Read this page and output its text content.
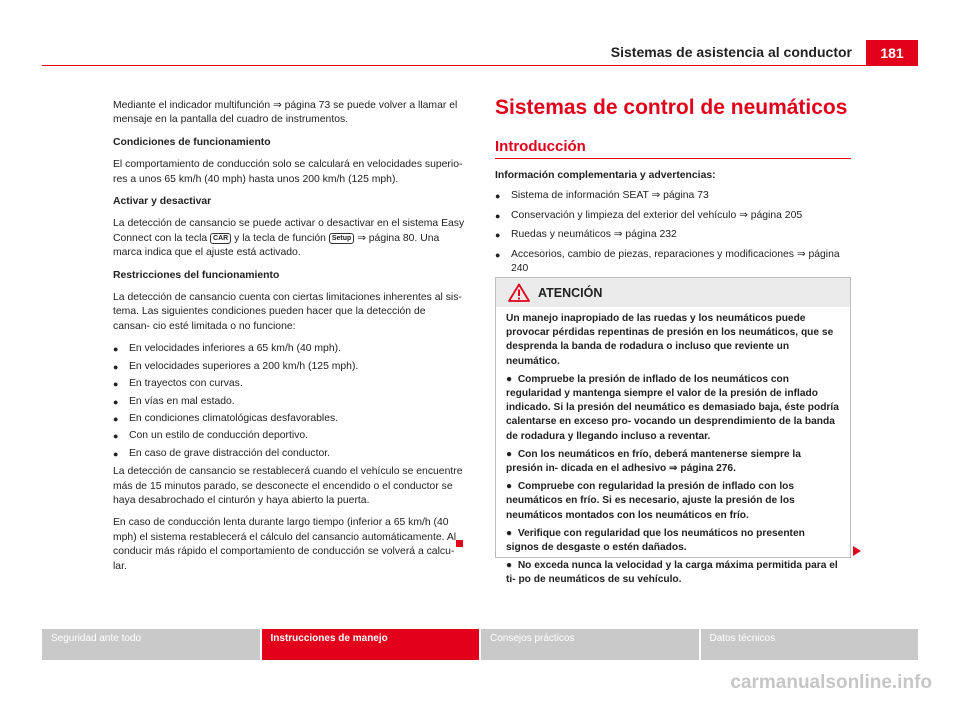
Sistemas de asistencia al conductor	181

Mediante el indicador multifunción ⇒ página 73 se puede volver a llamar el mensaje en la pantalla del cuadro de instrumentos.

Condiciones de funcionamiento

El comportamiento de conducción solo se calculará en velocidades superio- res a unos 65 km/h (40 mph) hasta unos 200 km/h (125 mph).

Activar y desactivar

La detección de cansancio se puede activar o desactivar en el sistema Easy Connect con la tecla CAR y la tecla de función Setup ⇒ página 80. Una marca indica que el ajuste está activado.

Restricciones del funcionamiento

La detección de cansancio cuenta con ciertas limitaciones inherentes al sis- tema. Las siguientes condiciones pueden hacer que la detección de cansan- cio esté limitada o no funcione:

●	En velocidades inferiores a 65 km/h (40 mph).
●	En velocidades superiores a 200 km/h (125 mph).
●	En trayectos con curvas.
●	En vías en mal estado.
●	En condiciones climatológicas desfavorables.
●	Con un estilo de conducción deportivo.
●	En caso de grave distracción del conductor.

La detección de cansancio se restablecerá cuando el vehículo se encuentre más de 15 minutos parado, se desconecte el encendido o el conductor se haya desabrochado el cinturón y haya abierto la puerta.

En caso de conducción lenta durante largo tiempo (inferior a 65 km/h (40 mph) el sistema restablecerá el cálculo del cansancio automáticamente. Al conducir más rápido el comportamiento de conducción se volverá a calcu- lar.

Sistemas de control de neumáticos
Introducción

Información complementaria y advertencias:

●	Sistema de información SEAT ⇒ página 73
●	Conservación y limpieza del exterior del vehículo ⇒ página 205
●	Ruedas y neumáticos ⇒ página 232
●	Accesorios, cambio de piezas, reparaciones y modificaciones ⇒ página 240
ATENCIÓN

Un manejo inapropiado de las ruedas y los neumáticos puede provocar pérdidas repentinas de presión en los neumáticos, que se desprenda la banda de rodadura o incluso que reviente un neumático.

●  Compruebe la presión de inflado de los neumáticos con regularidad y mantenga siempre el valor de la presión de inflado indicado. Si la presión del neumático es demasiado baja, éste podría calentarse en exceso pro- vocando un desprendimiento de la banda de rodadura y llegando incluso a reventar.

●  Con los neumáticos en frío, deberá mantenerse siempre la presión in- dicada en el adhesivo ⇒ página 276.

●  Compruebe con regularidad la presión de inflado con los neumáticos en frío. Si es necesario, ajuste la presión de los neumáticos montados con los neumáticos en frío.

●  Verifique con regularidad que los neumáticos no presenten signos de desgaste o estén dañados.

●  No exceda nunca la velocidad y la carga máxima permitida para el ti- po de neumáticos de su vehículo.

Seguridad ante todo	Instrucciones de manejo	Consejos prácticos	Datos técnicos
carmanualsonline.info
